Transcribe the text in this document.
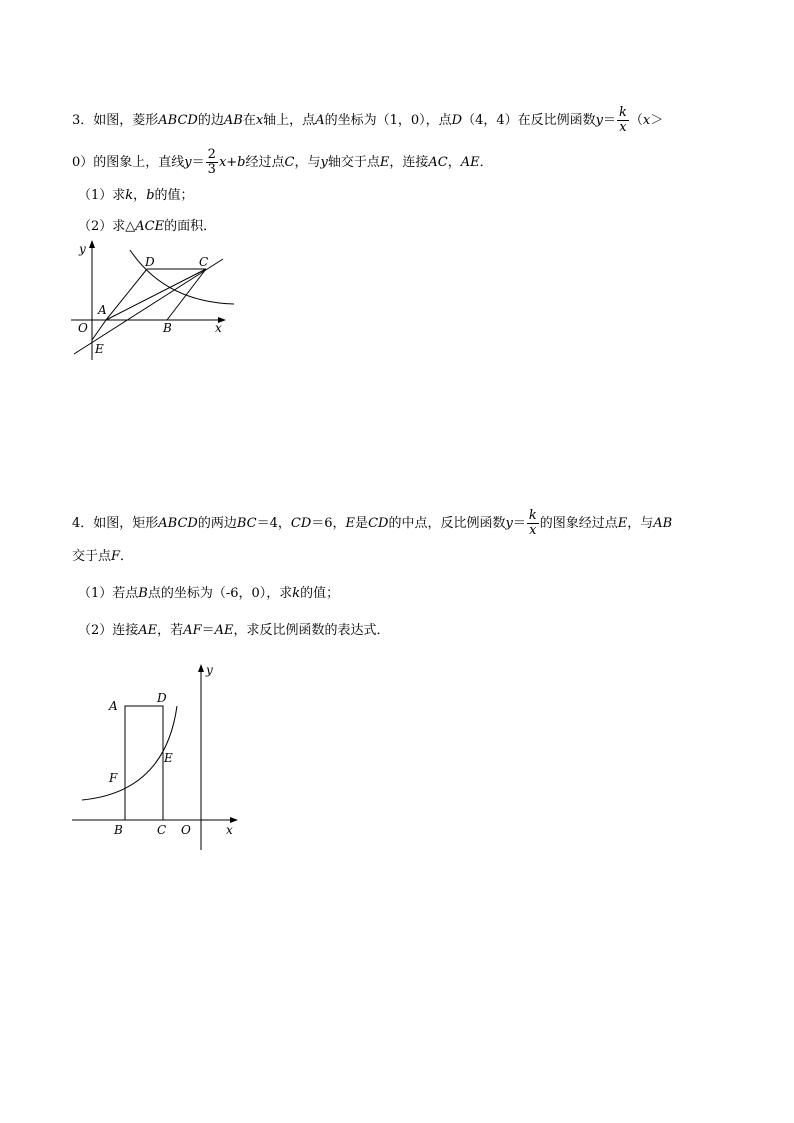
3．如图，菱形ABCD的边AB在x轴上，点A的坐标为（1，0），点D（4，4）在反比例函数$y= \frac{k}{x} (x>$
0）的图象上，直线$y= \frac{2}{3} x+b$经过点C，与y轴交于点E，连接AC，AE．
（1）求k，b的值；
（2）求△ACE的面积．
y
x
O
A
B
C
D
E
4．如图，矩形ABCD的两边BC＝4，CD＝6，E是CD的中点，反比例函数$y= \frac{k}{x}$ 的图象经过点E，与AB
交于点F．
（1）若点B点的坐标为（-6，0），求k的值；
（2）连接AE，若AF＝AE，求反比例函数的表达式．
y
x
O
A
D
E
F
B	C
